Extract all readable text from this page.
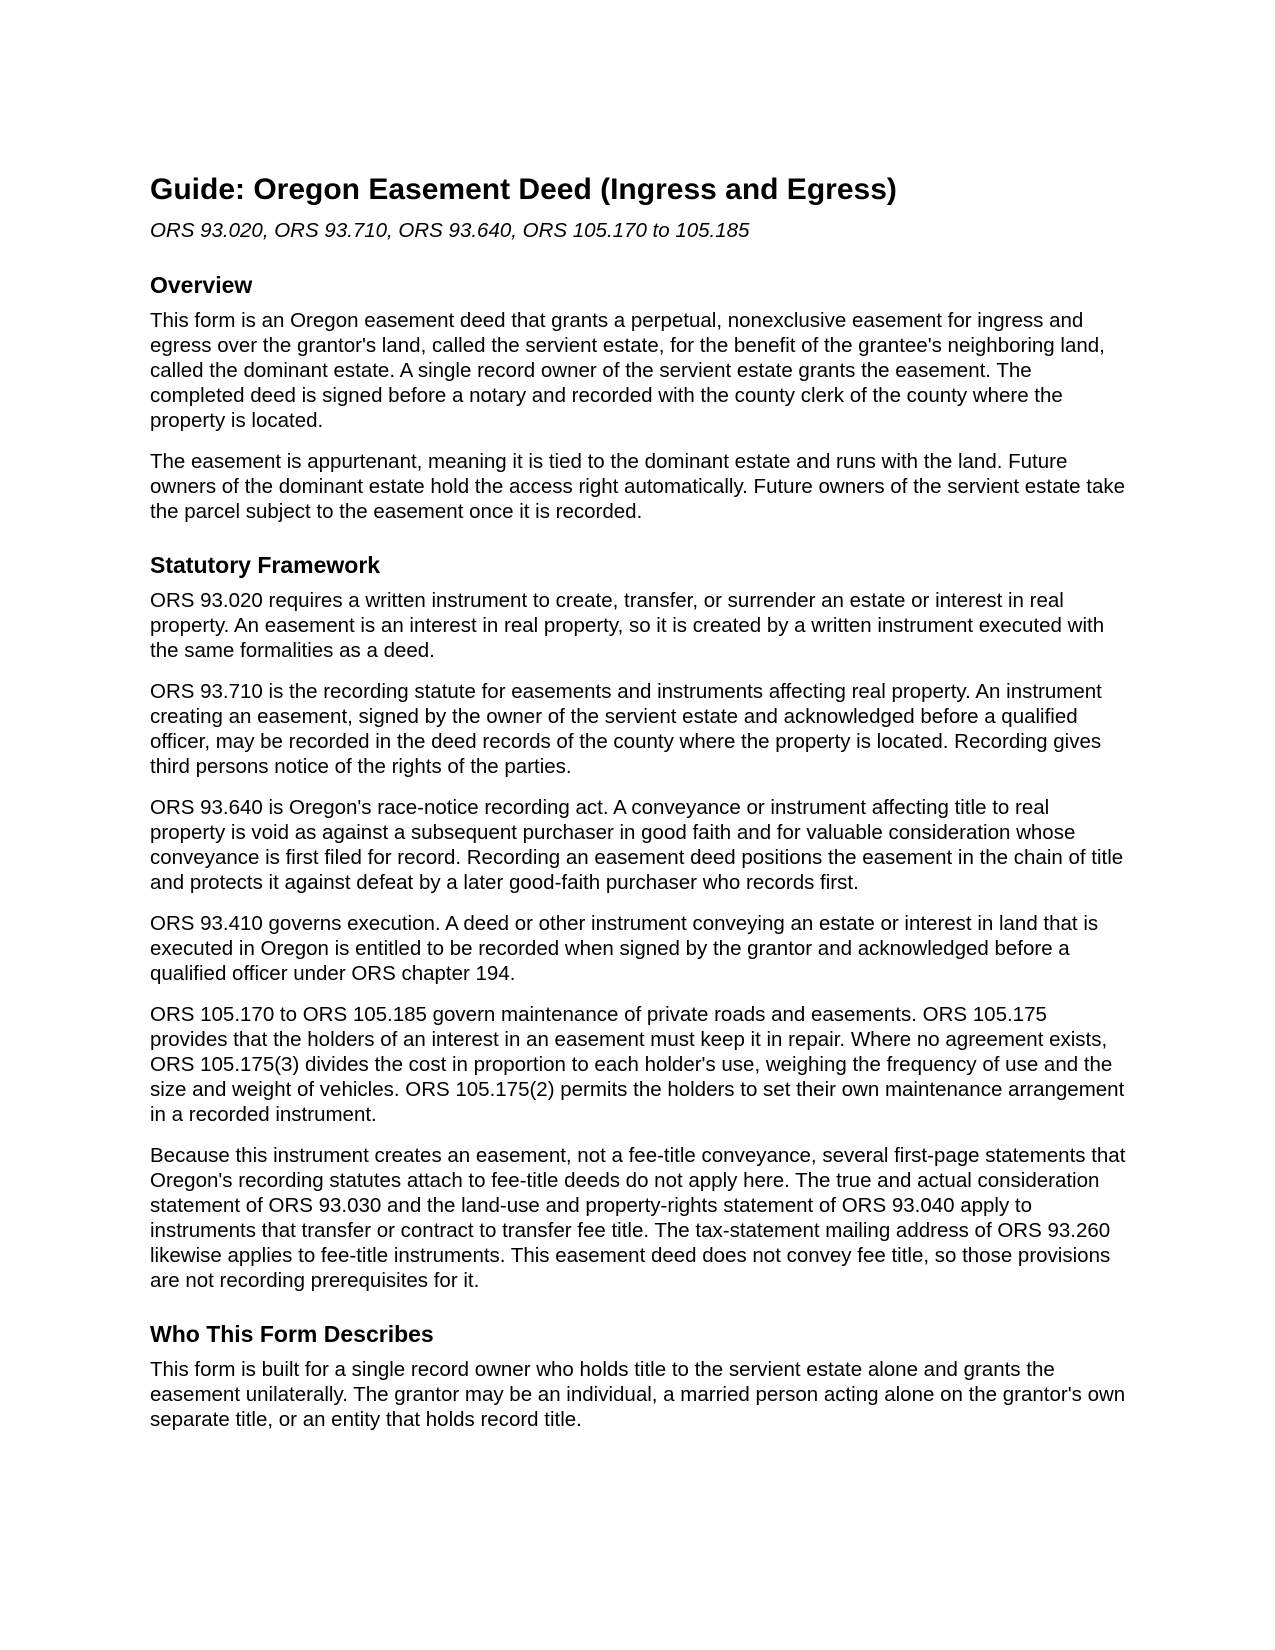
Guide: Oregon Easement Deed (Ingress and Egress)

ORS 93.020, ORS 93.710, ORS 93.640, ORS 105.170 to 105.185

Overview

This form is an Oregon easement deed that grants a perpetual, nonexclusive easement for ingress and egress over the grantor's land, called the servient estate, for the benefit of the grantee's neighboring land, called the dominant estate. A single record owner of the servient estate grants the easement. The completed deed is signed before a notary and recorded with the county clerk of the county where the property is located.

The easement is appurtenant, meaning it is tied to the dominant estate and runs with the land. Future owners of the dominant estate hold the access right automatically. Future owners of the servient estate take the parcel subject to the easement once it is recorded.

Statutory Framework

ORS 93.020 requires a written instrument to create, transfer, or surrender an estate or interest in real property. An easement is an interest in real property, so it is created by a written instrument executed with the same formalities as a deed.

ORS 93.710 is the recording statute for easements and instruments affecting real property. An instrument creating an easement, signed by the owner of the servient estate and acknowledged before a qualified officer, may be recorded in the deed records of the county where the property is located. Recording gives third persons notice of the rights of the parties.

ORS 93.640 is Oregon's race-notice recording act. A conveyance or instrument affecting title to real property is void as against a subsequent purchaser in good faith and for valuable consideration whose conveyance is first filed for record. Recording an easement deed positions the easement in the chain of title and protects it against defeat by a later good-faith purchaser who records first.

ORS 93.410 governs execution. A deed or other instrument conveying an estate or interest in land that is executed in Oregon is entitled to be recorded when signed by the grantor and acknowledged before a qualified officer under ORS chapter 194.

ORS 105.170 to ORS 105.185 govern maintenance of private roads and easements. ORS 105.175 provides that the holders of an interest in an easement must keep it in repair. Where no agreement exists, ORS 105.175(3) divides the cost in proportion to each holder's use, weighing the frequency of use and the size and weight of vehicles. ORS 105.175(2) permits the holders to set their own maintenance arrangement in a recorded instrument.

Because this instrument creates an easement, not a fee-title conveyance, several first-page statements that Oregon's recording statutes attach to fee-title deeds do not apply here. The true and actual consideration statement of ORS 93.030 and the land-use and property-rights statement of ORS 93.040 apply to instruments that transfer or contract to transfer fee title. The tax-statement mailing address of ORS 93.260 likewise applies to fee-title instruments. This easement deed does not convey fee title, so those provisions are not recording prerequisites for it.

Who This Form Describes

This form is built for a single record owner who holds title to the servient estate alone and grants the easement unilaterally. The grantor may be an individual, a married person acting alone on the grantor's own separate title, or an entity that holds record title.
